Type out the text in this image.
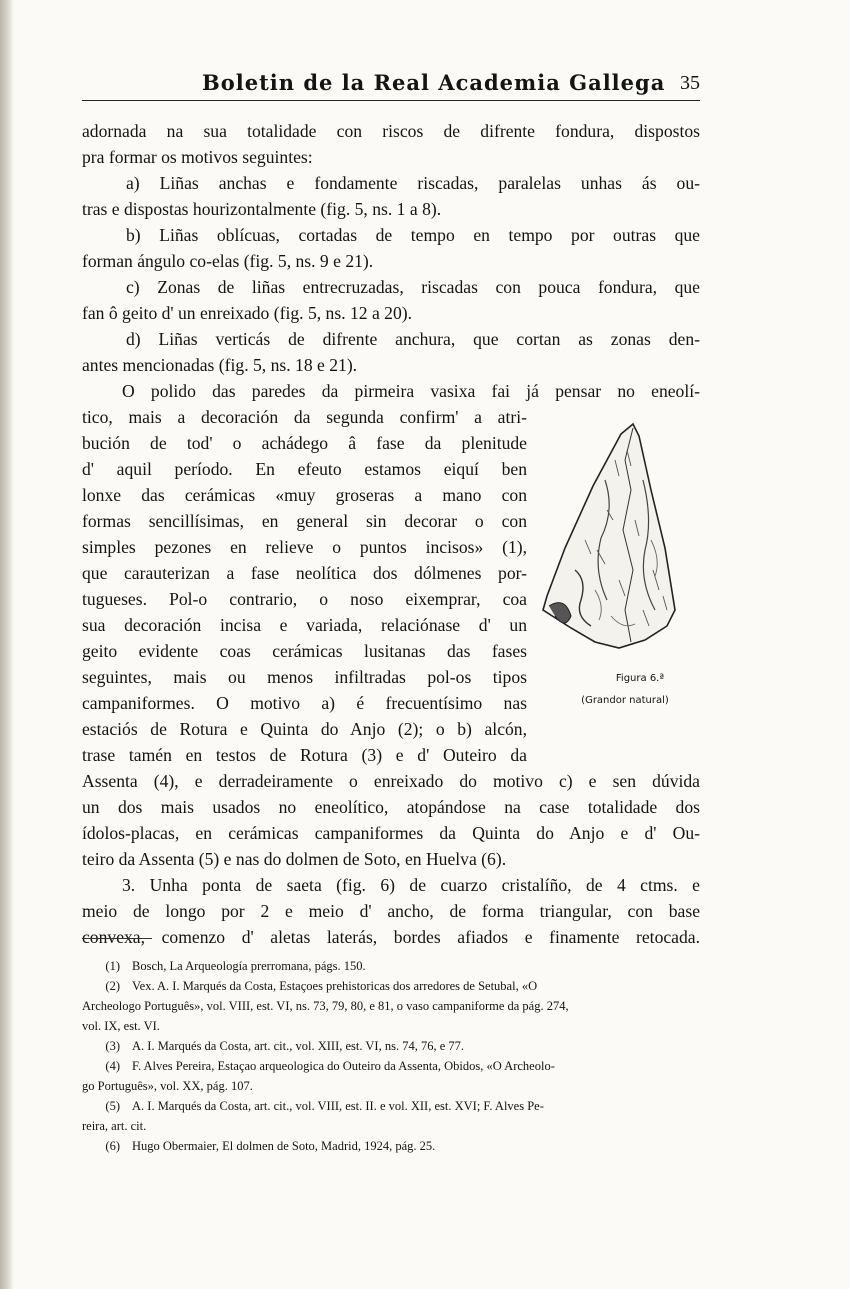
Boletin de la Real Academia Gallega 35
adornada na sua totalidade con riscos de difrente fondura, dispostos
pra formar os motivos seguintes:
a) Liñas anchas e fondamente riscadas, paralelas unhas ás ou-
tras e dispostas hourizontalmente (fig. 5, ns. 1 a 8).
b) Liñas oblícuas, cortadas de tempo en tempo por outras que
forman ángulo co-elas (fig. 5, ns. 9 e 21).
c) Zonas de liñas entrecruzadas, riscadas con pouca fondura, que
fan ô geito d' un enreixado (fig. 5, ns. 12 a 20).
d) Liñas verticás de difrente anchura, que cortan as zonas den-
antes mencionadas (fig. 5, ns. 18 e 21).
O polido das paredes da pirmeira vasixa fai já pensar no eneolí-
tico, mais a decoración da segunda confirm' a atri-
bución de tod' o achádego â fase da plenitude
d' aquil período. En efeuto estamos eiquí ben
lonxe das cerámicas «muy groseras a mano con
formas sencillísimas, en general sin decorar o con
simples pezones en relieve o puntos incisos» (1),
que carauterizan a fase neolítica dos dólmenes por-
tugueses. Pol-o contrario, o noso eixemprar, coa
sua decoración incisa e variada, relaciónase d' un
geito evidente coas cerámicas lusitanas das fases
seguintes, mais ou menos infiltradas pol-os tipos
campaniformes. O motivo a) é frecuentísimo nas
estaciós de Rotura e Quinta do Anjo (2); o b) alcón,
trase tamén en testos de Rotura (3) e d' Outeiro da
Assenta (4), e derradeiramente o enreixado do motivo c) e sen dúvida
un dos mais usados no eneolítico, atopándose na case totalidade dos
ídolos-placas, en cerámicas campaniformes da Quinta do Anjo e d' Ou-
teiro da Assenta (5) e nas do dolmen de Soto, en Huelva (6).
3. Unha ponta de saeta (fig. 6) de cuarzo cristalíño, de 4 ctms. e
meio de longo por 2 e meio d' ancho, de forma triangular, con base
convexa, comenzo d' aletas laterás, bordes afiados e finamente retocada.
Figura 6.ª
(Grandor natural)
(1) Bosch, La Arqueología prerromana, págs. 150.
(2) Vex. A. I. Marqués da Costa, Estaçoes prehistoricas dos arredores de Setubal, «O
Archeologo Português», vol. VIII, est. VI, ns. 73, 79, 80, e 81, o vaso campaniforme da pág. 274,
vol. IX, est. VI.
(3) A. I. Marqués da Costa, art. cit., vol. XIII, est. VI, ns. 74, 76, e 77.
(4) F. Alves Pereira, Estaçao arqueologica do Outeiro da Assenta, Obidos, «O Archeolo-
go Português», vol. XX, pág. 107.
(5) A. I. Marqués da Costa, art. cit., vol. VIII, est. II. e vol. XII, est. XVI; F. Alves Pe-
reira, art. cit.
(6) Hugo Obermaier, El dolmen de Soto, Madrid, 1924, pág. 25.
